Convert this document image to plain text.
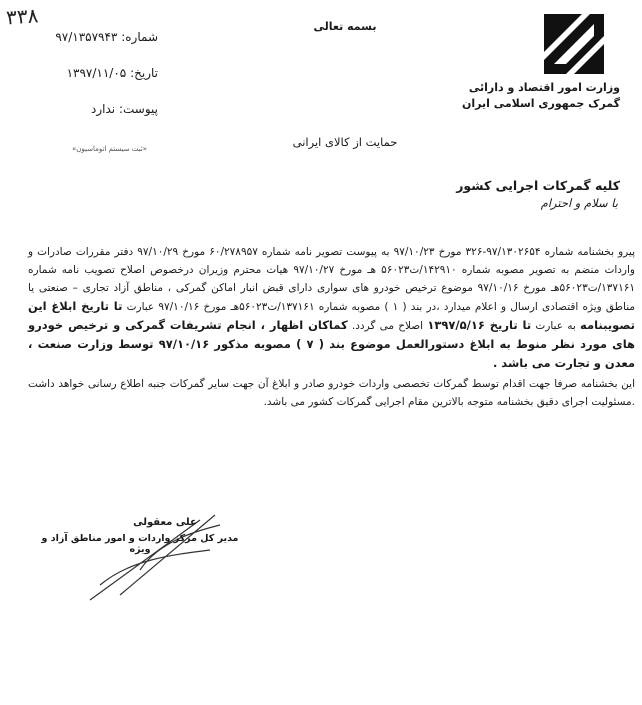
وزارت امور اقتصاد و دارائی
گمرک جمهوری اسلامی ایران
بسمه تعالی
۳۳۸
شماره: ۹۷/۱۳۵۷۹۴۳
تاریخ: ۱۳۹۷/۱۱/۰۵
پیوست: ندارد
«ثبت سیستم اتوماسیون»	حمایت از کالای ایرانی
کلیه گمرکات اجرایی کشور
با سلام و احترام

پیرو بخشنامه شماره ۹۷/۱۳۰۲۶۵۴-۳۲۶ مورخ ۹۷/۱۰/۲۳ به پیوست تصویر نامه شماره ۶۰/۲۷۸۹۵۷ مورخ ۹۷/۱۰/۲۹ دفتر مقررات صادرات و واردات منضم به تصویر مصوبه شماره ۱۴۲۹۱۰/ت۵۶۰۲۳ هـ مورخ ۹۷/۱۰/۲۷ هیات محترم وزیران درخصوص اصلاح تصویب نامه شماره ۱۳۷۱۶۱/ت۵۶۰۲۳هـ مورخ ۹۷/۱۰/۱۶ موضوع ترخیص خودرو های سواری دارای قبض انبار اماکن گمرکی ، مناطق آزاد تجاری – صنعتی یا مناطق ویژه اقتصادی ارسال و اعلام میدارد ،در بند ( ۱ ) مصوبه شماره ۱۳۷۱۶۱/ت۵۶۰۲۳هـ مورخ ۹۷/۱۰/۱۶ عبارت تا تاریخ ابلاغ این تصویبنامه به عبارت تا تاریخ ۱۳۹۷/۵/۱۶ اصلاح می گردد. کماکان اظهار ، انجام تشریفات گمرکی و ترخیص خودرو های مورد نظر منوط به ابلاغ دستورالعمل موضوع بند ( ۷ ) مصوبه مذکور ۹۷/۱۰/۱۶ توسط وزارت صنعت ، معدن و تجارت می باشد .

این بخشنامه صرفا جهت اقدام توسط گمرکات تخصصی واردات خودرو صادر و ابلاغ آن جهت سایر گمرکات جنبه اطلاع رسانی خواهد داشت .مسئولیت اجرای دقیق بخشنامه متوجه بالاترین مقام اجرایی گمرکات کشور می باشد.

علی معقولی
مدیر کل مرکز واردات و امور مناطق آزاد و ویژه
